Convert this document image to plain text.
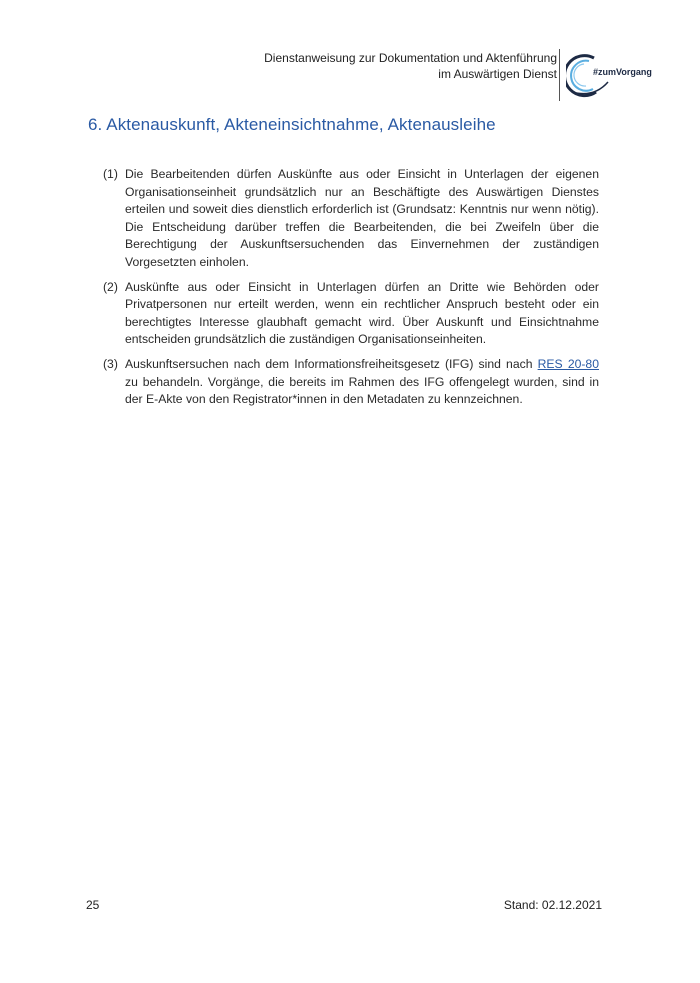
Dienstanweisung zur Dokumentation und Aktenführung
im Auswärtigen Dienst	#zumVorgang
6. Aktenauskunft, Akteneinsichtnahme, Aktenausleihe
(1) Die Bearbeitenden dürfen Auskünfte aus oder Einsicht in Unterlagen der eigenen Organisationseinheit grundsätzlich nur an Beschäftigte des Auswärtigen Dienstes erteilen und soweit dies dienstlich erforderlich ist (Grundsatz: Kenntnis nur wenn nötig). Die Entscheidung darüber treffen die Bearbeitenden, die bei Zweifeln über die Berechtigung der Auskunftsersuchenden das Einvernehmen der zuständigen Vorgesetzten einholen.
(2) Auskünfte aus oder Einsicht in Unterlagen dürfen an Dritte wie Behörden oder Privatpersonen nur erteilt werden, wenn ein rechtlicher Anspruch besteht oder ein berechtigtes Interesse glaubhaft gemacht wird. Über Auskunft und Einsichtnahme entscheiden grundsätzlich die zuständigen Organisationseinheiten.
(3) Auskunftsersuchen nach dem Informationsfreiheitsgesetz (IFG) sind nach RES 20-80 zu behandeln. Vorgänge, die bereits im Rahmen des IFG offengelegt wurden, sind in der E-Akte von den Registrator*innen in den Metadaten zu kennzeichnen.
25	Stand: 02.12.2021
